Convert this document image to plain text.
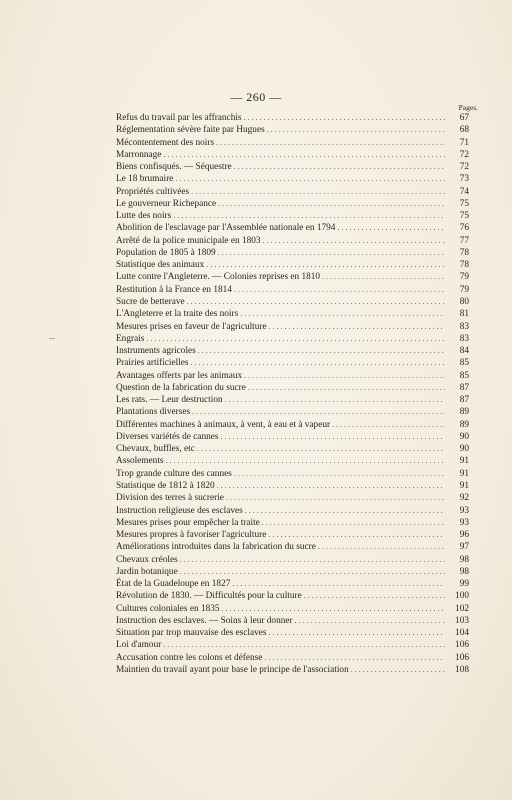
— 260 —
Pages.
Refus du travail par les affranchis .....	67
Réglementation sévère faite par Hugues .....	68
Mécontentement des noirs .....	71
Marronnage .....	72
Biens confisqués. — Séquestre .....	72
Le 18 brumaire .....	73
Propriétés cultivées .....	74
Le gouverneur Richepance .....	75
Lutte des noirs .....	75
Abolition de l'esclavage par l'Assemblée nationale en 1794 .....	76
Arrêté de la police municipale en 1803 .....	77
Population de 1805 à 1809 .....	78
Statistique des animaux .....	78
Lutte contre l'Angleterre. — Colonies reprises en 1810 .....	79
Restitution à la France en 1814 .....	79
Sucre de betterave .....	80
L'Angleterre et la traite des noirs .....	81
Mesures prises en faveur de l'agriculture .....	83
Engrais .....	83
Instruments agricoles .....	84
Prairies artificielles .....	85
Avantages offerts par les animaux .....	85
Question de la fabrication du sucre .....	87
Les rats. — Leur destruction .....	87
Plantations diverses .....	89
Différentes machines à animaux, à vent, à eau et à vapeur .....	89
Diverses variétés de cannes .....	90
Chevaux, buffles, etc .....	90
Assolements .....	91
Trop grande culture des cannes .....	91
Statistique de 1812 à 1820 .....	91
Division des terres à sucrerie .....	92
Instruction religieuse des esclaves .....	93
Mesures prises pour empêcher la traite .....	93
Mesures propres à favoriser l'agriculture .....	96
Améliorations introduites dans la fabrication du sucre .....	97
Chevaux créoles .....	98
Jardin botanique .....	98
État de la Guadeloupe en 1827 .....	99
Révolution de 1830. — Difficultés pour la culture .....	100
Cultures coloniales en 1835 .....	102
Instruction des esclaves. — Soins à leur donner .....	103
Situation par trop mauvaise des esclaves .....	104
Loi d'amour .....	106
Accusation contre les colons et défense .....	106
Maintien du travail ayant pour base le principe de l'association .....	108
